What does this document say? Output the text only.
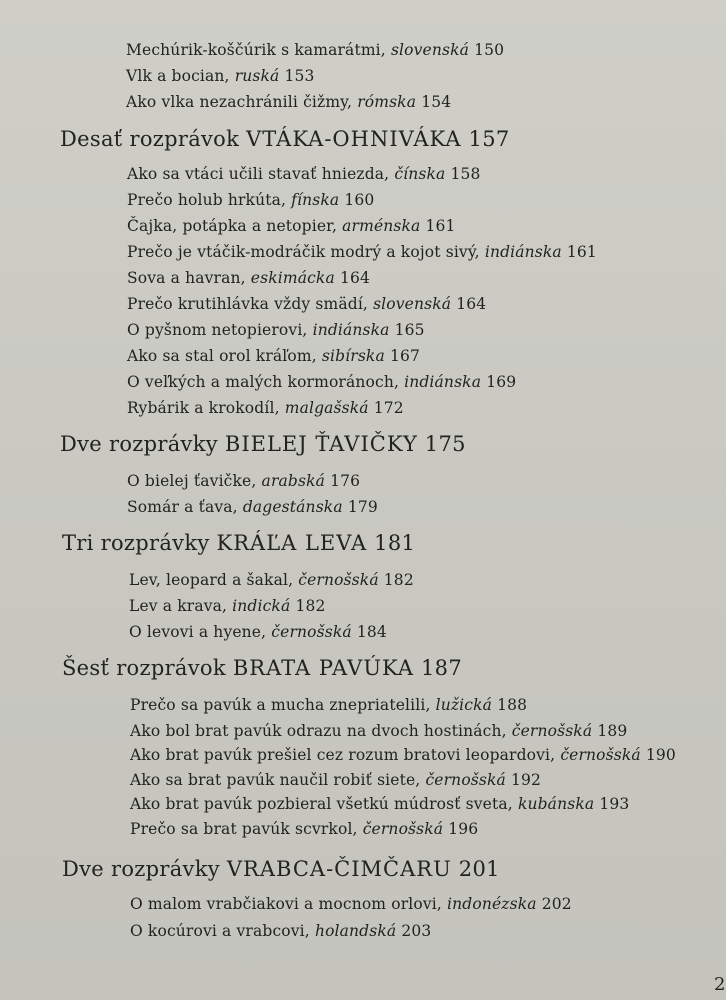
Mechúrik-koščúrik s kamarátmi, slovenská 150
Vlk a bocian, ruská 153
Ako vlka nezachránili čižmy, rómska 154
Desať rozprávok VTÁKA-OHNIVÁKA 157
Ako sa vtáci učili stavať hniezda, čínska 158
Prečo holub hrkúta, fínska 160
Čajka, potápka a netopier, arménska 161
Prečo je vtáčik-modráčik modrý a kojot sivý, indiánska 161
Sova a havran, eskimácka 164
Prečo krutihlávka vždy smädí, slovenská 164
O pyšnom netopierovi, indiánska 165
Ako sa stal orol kráľom, sibírska 167
O veľkých a malých kormoránoch, indiánska 169
Rybárik a krokodíl, malgašská 172
Dve rozprávky BIELEJ ŤAVIČKY 175
O bielej ťavičke, arabská 176
Somár a ťava, dagestánska 179
Tri rozprávky KRÁĽA LEVA 181
Lev, leopard a šakal, černošská 182
Lev a krava, indická 182
O levovi a hyene, černošská 184
Šesť rozprávok BRATA PAVÚKA 187
Prečo sa pavúk a mucha znepriatelili, lužická 188
Ako bol brat pavúk odrazu na dvoch hostinách, černošská 189
Ako brat pavúk prešiel cez rozum bratovi leopardovi, černošská 190
Ako sa brat pavúk naučil robiť siete, černošská 192
Ako brat pavúk pozbieral všetkú múdrosť sveta, kubánska 193
Prečo sa brat pavúk scvrkol, černošská 196
Dve rozprávky VRABCA-ČIMČARU 201
O malom vrabčiakovi a mocnom orlovi, indonézska 202
O kocúrovi a vrabcovi, holandská 203
2
